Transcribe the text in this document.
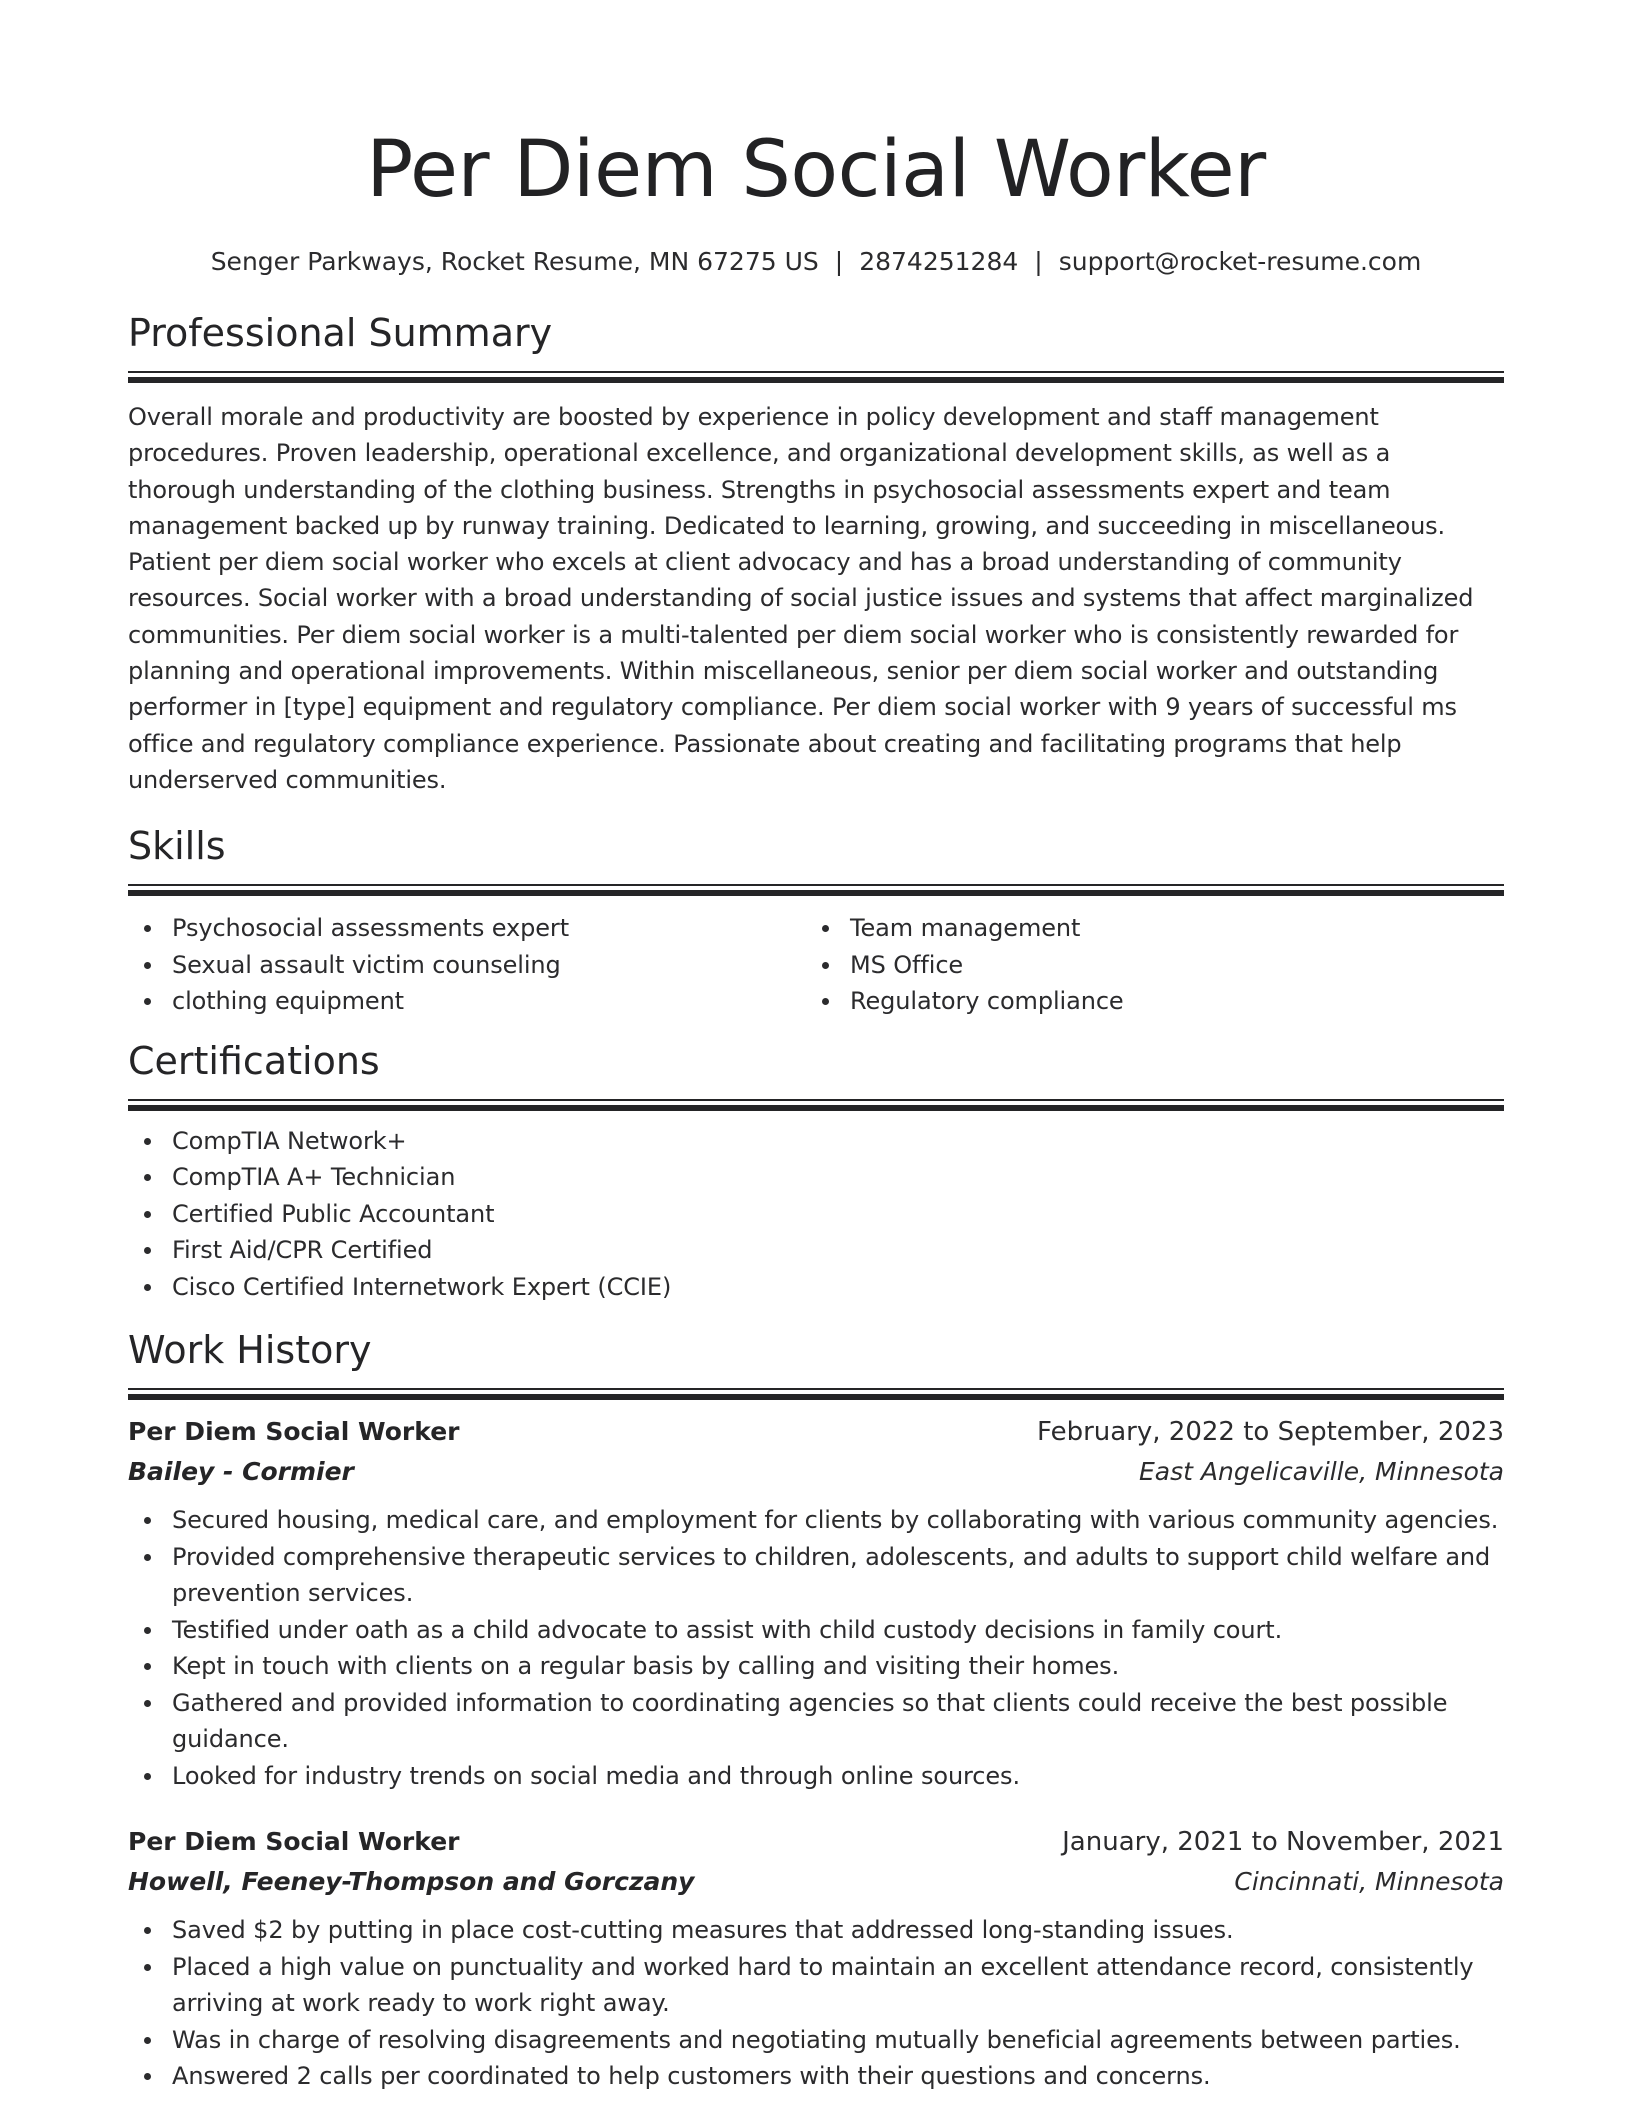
Per Diem Social Worker
Senger Parkways, Rocket Resume, MN 67275 US | 2874251284 | support@rocket-resume.com
Professional Summary

Overall morale and productivity are boosted by experience in policy development and staff management procedures. Proven leadership, operational excellence, and organizational development skills, as well as a thorough understanding of the clothing business. Strengths in psychosocial assessments expert and team management backed up by runway training. Dedicated to learning, growing, and succeeding in miscellaneous. Patient per diem social worker who excels at client advocacy and has a broad understanding of community resources. Social worker with a broad understanding of social justice issues and systems that affect marginalized communities. Per diem social worker is a multi-talented per diem social worker who is consistently rewarded for planning and operational improvements. Within miscellaneous, senior per diem social worker and outstanding performer in [type] equipment and regulatory compliance. Per diem social worker with 9 years of successful ms office and regulatory compliance experience. Passionate about creating and facilitating programs that help underserved communities.

Skills
Psychosocial assessments expert
Sexual assault victim counseling
clothing equipment
Team management
MS Office
Regulatory compliance
Certifications
CompTIA Network+
CompTIA A+ Technician
Certified Public Accountant
First Aid/CPR Certified
Cisco Certified Internetwork Expert (CCIE)
Work History
Per Diem Social Worker	February, 2022 to September, 2023
Bailey - Cormier	East Angelicaville, Minnesota
Secured housing, medical care, and employment for clients by collaborating with various community agencies.
Provided comprehensive therapeutic services to children, adolescents, and adults to support child welfare and prevention services.
Testified under oath as a child advocate to assist with child custody decisions in family court.
Kept in touch with clients on a regular basis by calling and visiting their homes.
Gathered and provided information to coordinating agencies so that clients could receive the best possible guidance.
Looked for industry trends on social media and through online sources.
Per Diem Social Worker	January, 2021 to November, 2021
Howell, Feeney-Thompson and Gorczany	Cincinnati, Minnesota
Saved $2 by putting in place cost-cutting measures that addressed long-standing issues.
Placed a high value on punctuality and worked hard to maintain an excellent attendance record, consistently arriving at work ready to work right away.
Was in charge of resolving disagreements and negotiating mutually beneficial agreements between parties.
Answered 2 calls per coordinated to help customers with their questions and concerns.
